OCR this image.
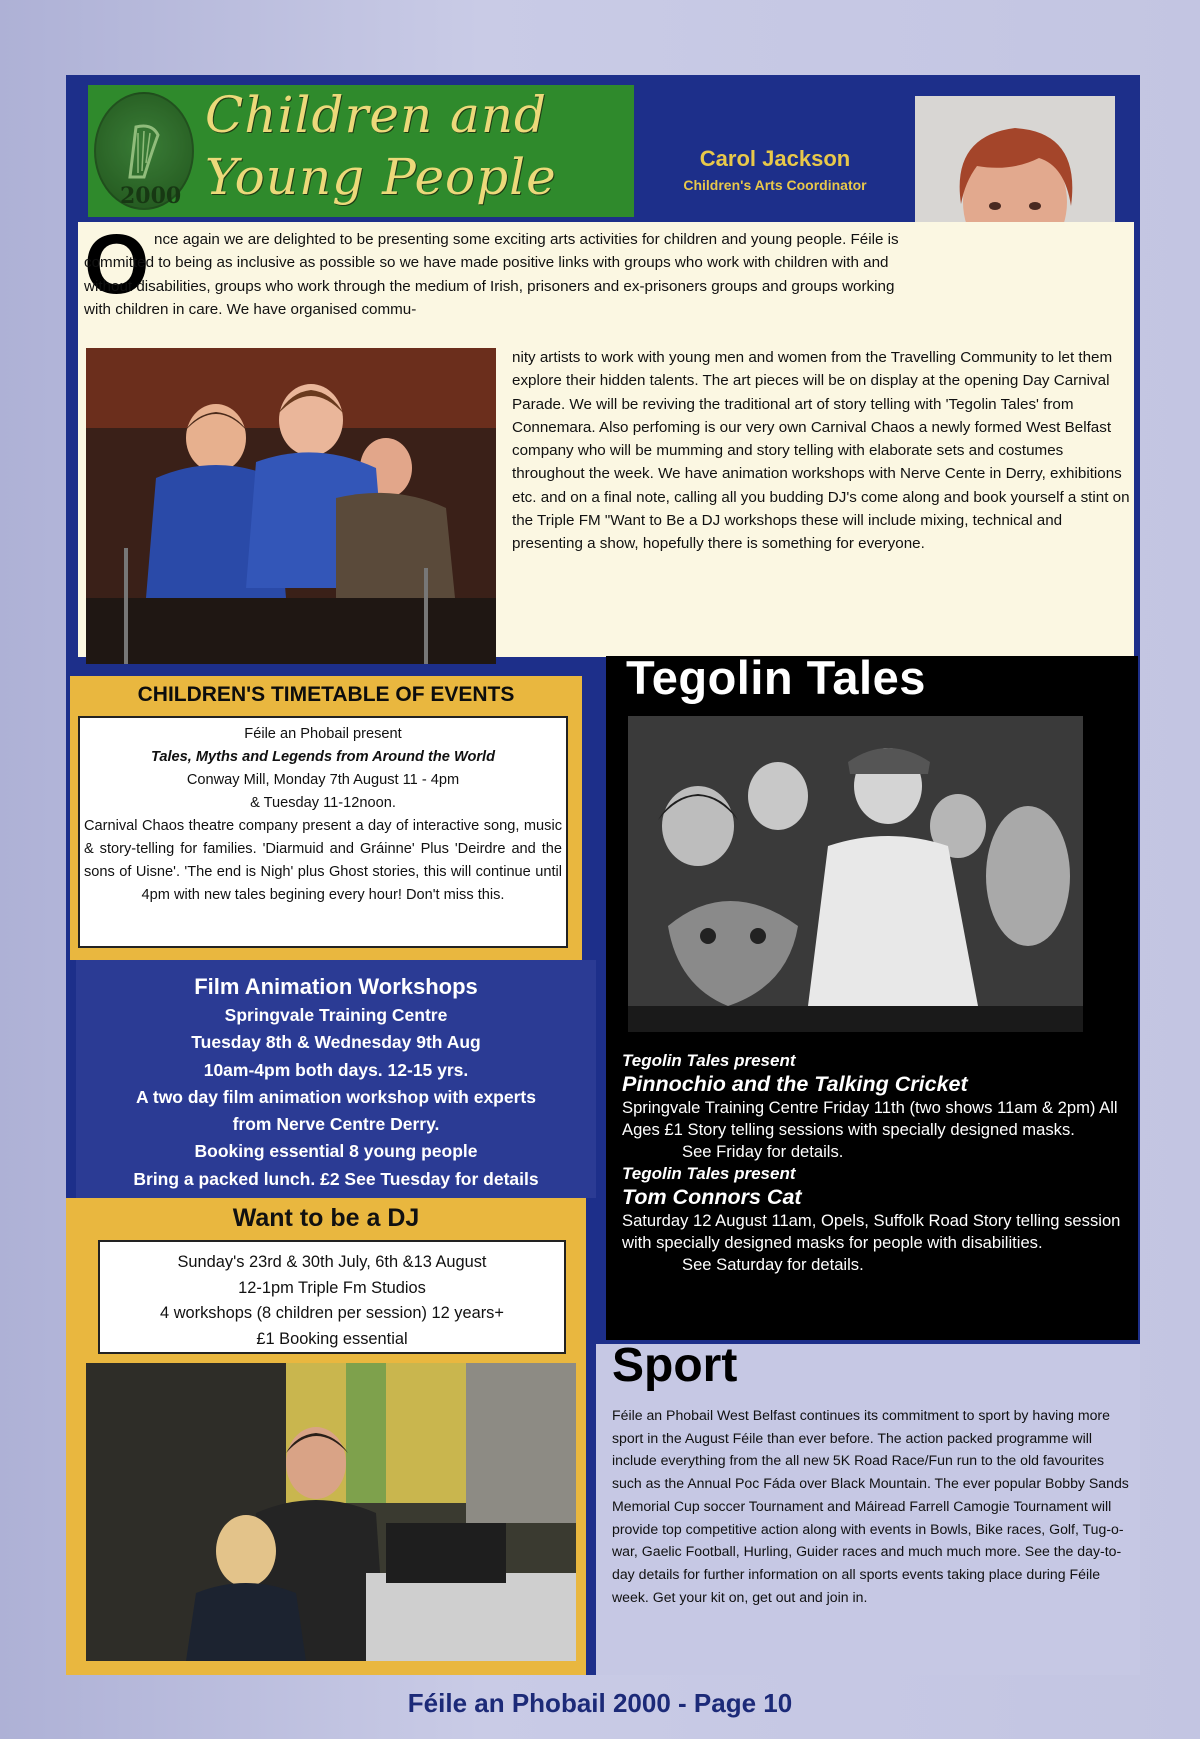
2000
Children and
Young People	Carol Jackson
Children's Arts Coordinator
O nce again we are delighted to be presenting some exciting arts activities for children and young people. Féile is committed to being as inclusive as possible so we have made positive links with groups who work with children with and without disabilities, groups who work through the medium of Irish, prisoners and ex-prisoners groups and groups working with children in care. We have organised commu-

nity artists to work with young men and women from the Travelling Community to let them explore their hidden talents. The art pieces will be on display at the opening Day Carnival Parade. We will be reviving the traditional art of story telling with 'Tegolin Tales' from Connemara. Also perfoming is our very own Carnival Chaos a newly formed West Belfast company who will be mumming and story telling with elaborate sets and costumes throughout the week. We have animation workshops with Nerve Cente in Derry, exhibitions etc. and on a final note, calling all you budding DJ's come along and book yourself a stint on the Triple FM "Want to Be a DJ workshops these will include mixing, technical and presenting a show, hopefully there is something for everyone.

CHILDREN'S TIMETABLE OF EVENTS

Féile an Phobail present

Tales, Myths and Legends from Around the World

Conway Mill, Monday 7th August 11 - 4pm

& Tuesday 11-12noon.

Carnival Chaos theatre company present a day of interactive song, music & story-telling for families. 'Diarmuid and Gráinne' Plus 'Deirdre and the sons of Uisne'. 'The end is Nigh' plus Ghost stories, this will continue until 4pm with new tales begining every hour! Don't miss this.

Film Animation Workshops
Springvale Training Centre
Tuesday 8th & Wednesday 9th Aug
10am-4pm both days. 12-15 yrs.
A two day film animation workshop with experts
from Nerve Centre Derry.
Booking essential 8 young people
Bring a packed lunch. £2 See Tuesday for details
Want to be a DJ
Sunday's 23rd & 30th July, 6th &13 August
12-1pm Triple Fm Studios
4 workshops (8 children per session) 12 years+
£1 Booking essential
Tegolin Tales
Tegolin Tales present
Pinnochio and the Talking Cricket
Springvale Training Centre Friday 11th (two shows 11am & 2pm) All Ages £1 Story telling sessions with specially designed masks.
See Friday for details.
Tegolin Tales present
Tom Connors Cat
Saturday 12 August 11am, Opels, Suffolk Road Story telling session with specially designed masks for people with disabilities.
See Saturday for details.
Sport

Féile an Phobail West Belfast continues its commitment to sport by having more sport in the August Féile than ever before. The action packed programme will include everything from the all new 5K Road Race/Fun run to the old favourites such as the Annual Poc Fáda over Black Mountain. The ever popular Bobby Sands Memorial Cup soccer Tournament and Máiread Farrell Camogie Tournament will provide top competitive action along with events in Bowls, Bike races, Golf, Tug-o-war, Gaelic Football, Hurling, Guider races and much much more. See the day-to-day details for further information on all sports events taking place during Féile week. Get your kit on, get out and join in.

Féile an Phobail 2000 - Page 10
